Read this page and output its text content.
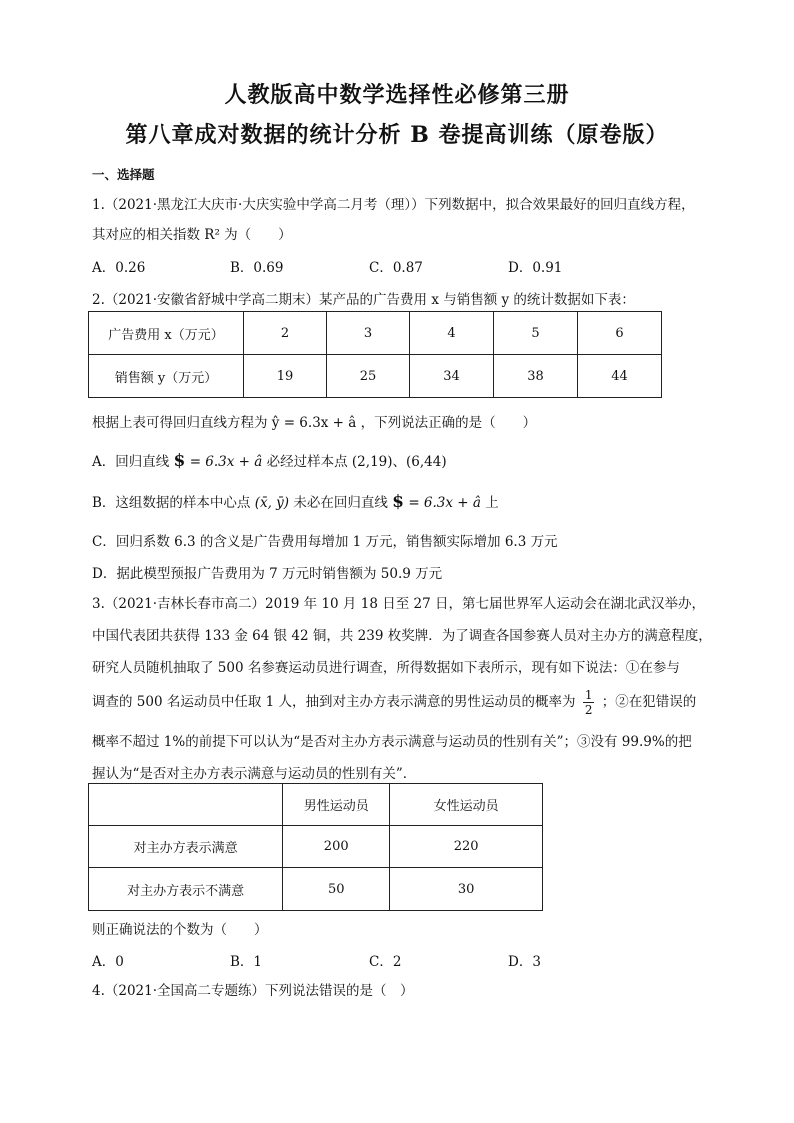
人教版高中数学选择性必修第三册
第八章成对数据的统计分析 B 卷提高训练（原卷版）
一、选择题
1.（2021·黑龙江大庆市·大庆实验中学高二月考（理））下列数据中，拟合效果最好的回归直线方程，
其对应的相关指数 R² 为（　　）
A．0.26	B．0.69	C．0.87	D．0.91
2.（2021·安徽省舒城中学高二期末）某产品的广告费用 x 与销售额 y 的统计数据如下表：
广告费用 x（万元）	2	3	4	5	6
销售额 y（万元）	19	25	34	38	44
根据上表可得回归直线方程为 ŷ = 6.3x + â ，下列说法正确的是（　　）
A．回归直线 $ = 6.3x + â 必经过样本点 (2,19)、(6,44)
B．这组数据的样本中心点 (x̄, ȳ) 未必在回归直线 $ = 6.3x + â 上
C．回归系数 6.3 的含义是广告费用每增加 1 万元，销售额实际增加 6.3 万元
D．据此模型预报广告费用为 7 万元时销售额为 50.9 万元
3.（2021·吉林长春市高二）2019 年 10 月 18 日至 27 日，第七届世界军人运动会在湖北武汉举办，
中国代表团共获得 133 金 64 银 42 铜，共 239 枚奖牌．为了调查各国参赛人员对主办方的满意程度，
研究人员随机抽取了 500 名参赛运动员进行调查，所得数据如下表所示，现有如下说法：①在参与
调查的 500 名运动员中任取 1 人，抽到对主办方表示满意的男性运动员的概率为 $\frac{1}{2}$ ；②在犯错误的
概率不超过 1%的前提下可以认为“是否对主办方表示满意与运动员的性别有关”；③没有 99.9%的把
握认为“是否对主办方表示满意与运动员的性别有关”．
	男性运动员	女性运动员
对主办方表示满意	200	220
对主办方表示不满意	50	30
则正确说法的个数为（　　）
A．0	B．1	C．2	D．3
4.（2021·全国高二专题练）下列说法错误的是（　）
